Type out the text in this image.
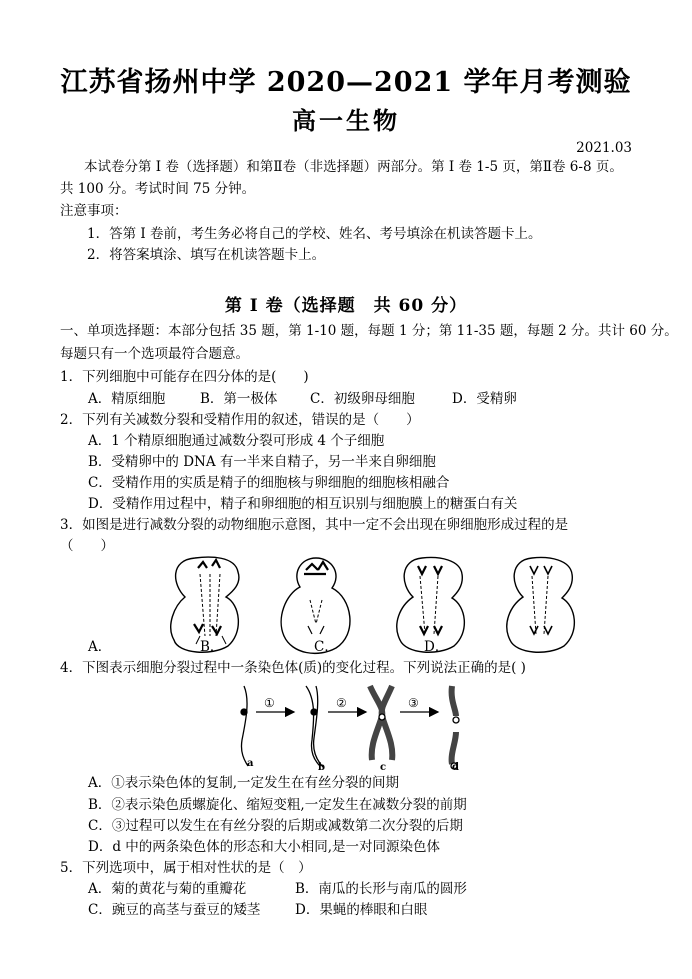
江苏省扬州中学 2020—2021 学年月考测验
高一生物
2021.03
本试卷分第 I 卷（选择题）和第Ⅱ卷（非选择题）两部分。第 I 卷 1-5 页，第Ⅱ卷 6-8 页。
共 100 分。考试时间 75 分钟。
注意事项：
1．答第 I 卷前，考生务必将自己的学校、姓名、考号填涂在机读答题卡上。
2．将答案填涂、填写在机读答题卡上。
第 I 卷（选择题　共 60 分）
一、单项选择题：本部分包括 35 题，第 1-10 题，每题 1 分；第 11-35 题，每题 2 分。共计 60 分。
每题只有一个选项最符合题意。
1．下列细胞中可能存在四分体的是(　　)
A．精原细胞	B．第一极体 C．初级卵母细胞	D．受精卵
2．下列有关减数分裂和受精作用的叙述，错误的是（　　）
A．1 个精原细胞通过减数分裂可形成 4 个子细胞
B．受精卵中的 DNA 有一半来自精子，另一半来自卵细胞
C．受精作用的实质是精子的细胞核与卵细胞的细胞核相融合
D．受精作用过程中，精子和卵细胞的相互识别与细胞膜上的糖蛋白有关
3．如图是进行减数分裂的动物细胞示意图，其中一定不会出现在卵细胞形成过程的是
（　　）
A．	B．	C．	D．
4．下图表示细胞分裂过程中一条染色体(质)的变化过程。下列说法正确的是( )
①	②	③
a	b	c	d
A．①表示染色体的复制,一定发生在有丝分裂的间期
B．②表示染色质螺旋化、缩短变粗,一定发生在减数分裂的前期
C．③过程可以发生在有丝分裂的后期或减数第二次分裂的后期
D．d 中的两条染色体的形态和大小相同,是一对同源染色体
5．下列选项中，属于相对性状的是（　）
A．菊的黄花与菊的重瓣花	B．南瓜的长形与南瓜的圆形
C．豌豆的高茎与蚕豆的矮茎	D．果蝇的棒眼和白眼
